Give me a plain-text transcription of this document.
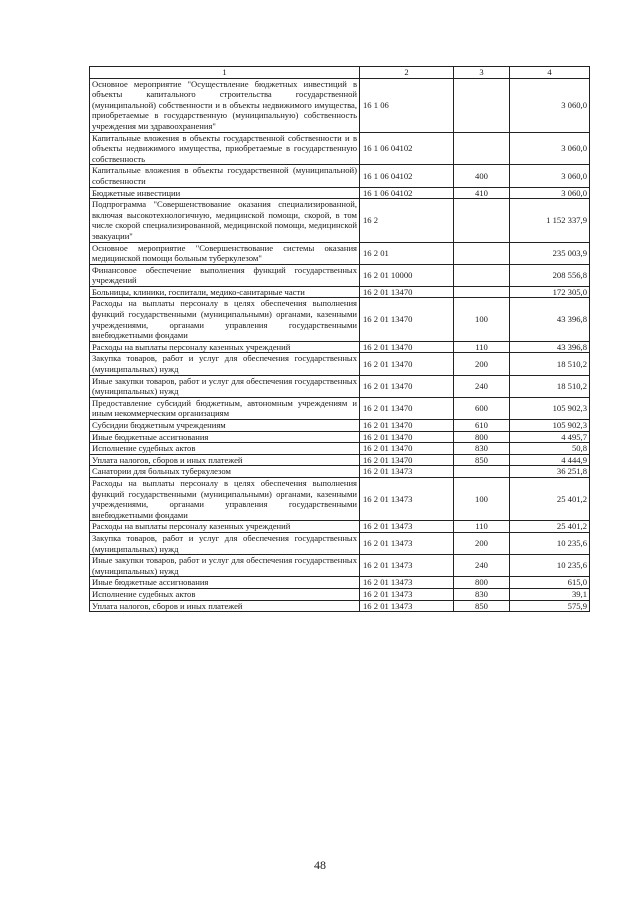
1	2	3	4
Основное мероприятие "Осуществление бюджетных инвестиций в объекты капитального строительства государственной (муниципальной) собственности и в объекты недвижимого имущества, приобретаемые в государственную (муниципальную) собственность учреждения ми здравоохранения"	16 1 06		3 060,0
Капитальные вложения в объекты государственной собственности и в объекты недвижимого имущества, приобретаемые в государственную собственность	16 1 06 04102		3 060,0
Капитальные вложения в объекты государственной (муниципальной) собственности	16 1 06 04102	400	3 060,0
Бюджетные инвестиции	16 1 06 04102	410	3 060,0
Подпрограмма "Совершенствование оказания специализированной, включая высокотехнологичную, медицинской помощи, скорой, в том числе скорой специализированной, медицинской помощи, медицинской эвакуации"	16 2		1 152 337,9
Основное мероприятие "Совершенствование системы оказания медицинской помощи больным туберкулезом"	16 2 01		235 003,9
Финансовое обеспечение выполнения функций государственных учреждений	16 2 01 10000		208 556,8
Больницы, клиники, госпитали, медико-санитарные части	16 2 01 13470		172 305,0
Расходы на выплаты персоналу в целях обеспечения выполнения функций государственными (муниципальными) органами, казенными учреждениями, органами управления государственными внебюджетными фондами	16 2 01 13470	100	43 396,8
Расходы на выплаты персоналу казенных учреждений	16 2 01 13470	110	43 396,8
Закупка товаров, работ и услуг для обеспечения государственных (муниципальных) нужд	16 2 01 13470	200	18 510,2
Иные закупки товаров, работ и услуг для обеспечения государственных (муниципальных) нужд	16 2 01 13470	240	18 510,2
Предоставление субсидий бюджетным, автономным учреждениям и иным некоммерческим организациям	16 2 01 13470	600	105 902,3
Субсидии бюджетным учреждениям	16 2 01 13470	610	105 902,3
Иные бюджетные ассигнования	16 2 01 13470	800	4 495,7
Исполнение судебных актов	16 2 01 13470	830	50,8
Уплата налогов, сборов и иных платежей	16 2 01 13470	850	4 444,9
Санатории для больных туберкулезом	16 2 01 13473		36 251,8
Расходы на выплаты персоналу в целях обеспечения выполнения функций государственными (муниципальными) органами, казенными учреждениями, органами управления государственными внебюджетными фондами	16 2 01 13473	100	25 401,2
Расходы на выплаты персоналу казенных учреждений	16 2 01 13473	110	25 401,2
Закупка товаров, работ и услуг для обеспечения государственных (муниципальных) нужд	16 2 01 13473	200	10 235,6
Иные закупки товаров, работ и услуг для обеспечения государственных (муниципальных) нужд	16 2 01 13473	240	10 235,6
Иные бюджетные ассигнования	16 2 01 13473	800	615,0
Исполнение судебных актов	16 2 01 13473	830	39,1
Уплата налогов, сборов и иных платежей	16 2 01 13473	850	575,9
48
